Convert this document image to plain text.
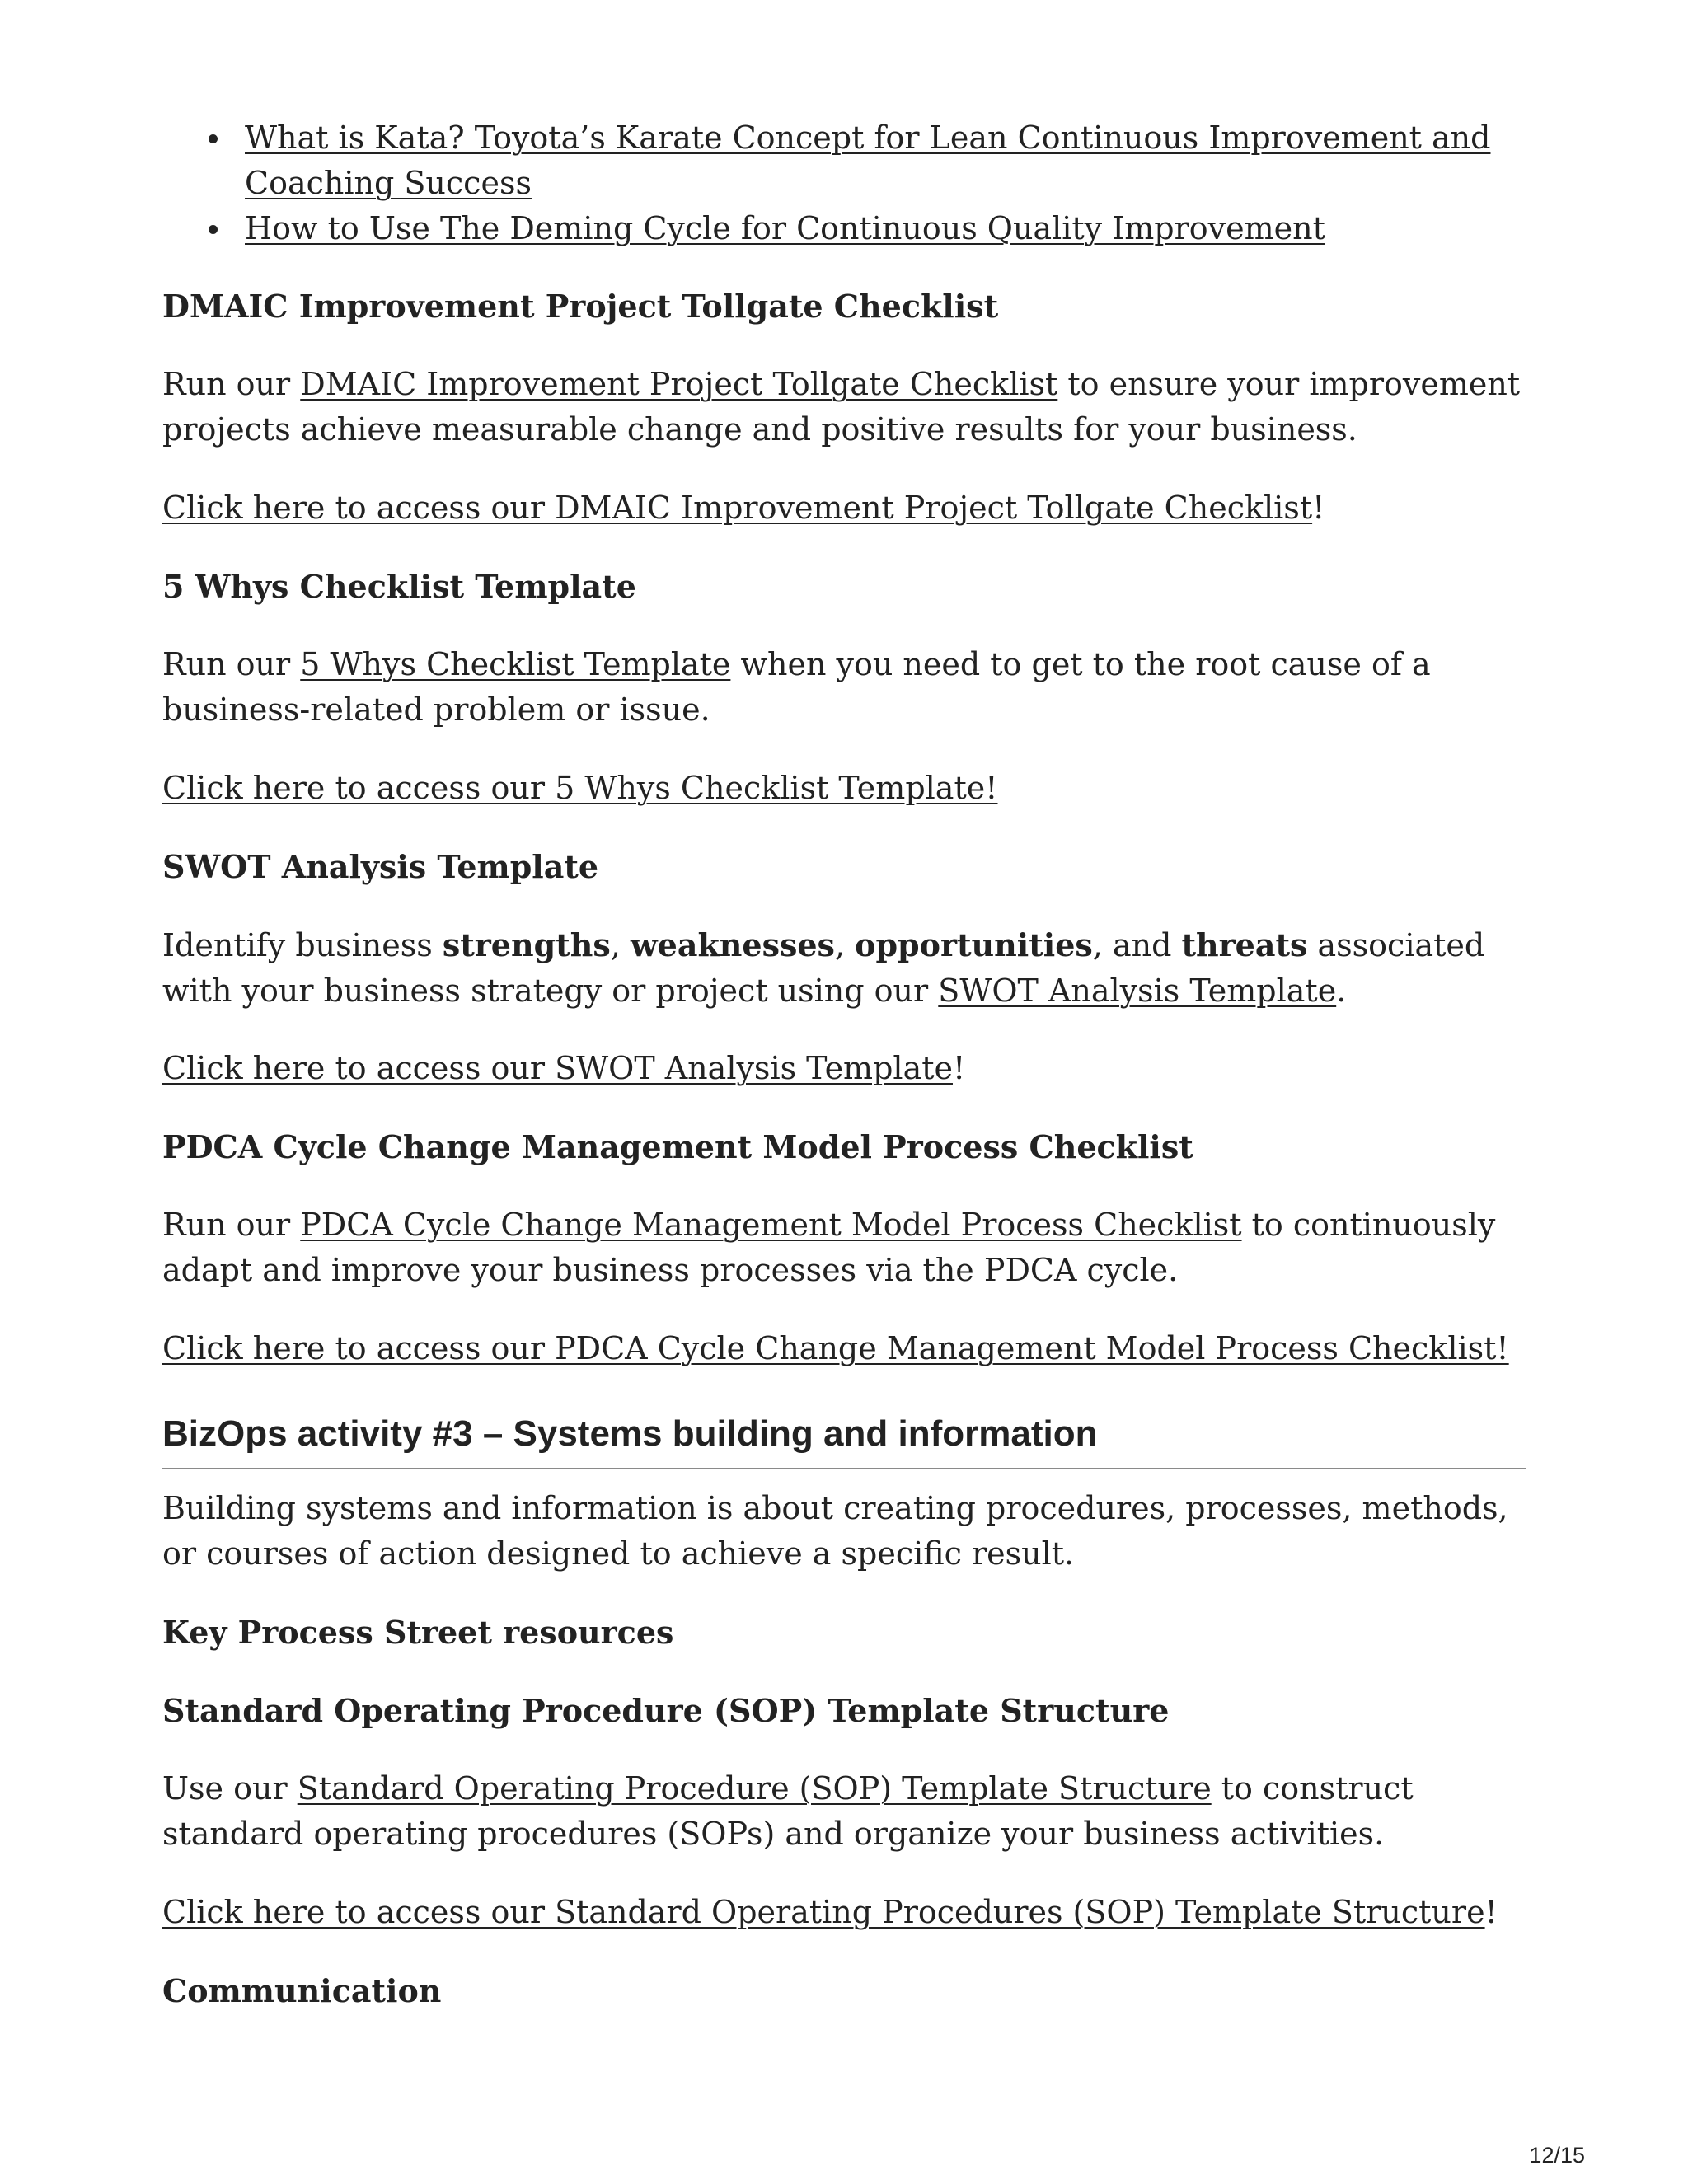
What is Kata? Toyota’s Karate Concept for Lean Continuous Improvement and Coaching Success
How to Use The Deming Cycle for Continuous Quality Improvement

DMAIC Improvement Project Tollgate Checklist

Run our DMAIC Improvement Project Tollgate Checklist to ensure your improvement projects achieve measurable change and positive results for your business.

Click here to access our DMAIC Improvement Project Tollgate Checklist!

5 Whys Checklist Template

Run our 5 Whys Checklist Template when you need to get to the root cause of a business-related problem or issue.

Click here to access our 5 Whys Checklist Template!

SWOT Analysis Template

Identify business strengths, weaknesses, opportunities, and threats associated with your business strategy or project using our SWOT Analysis Template.

Click here to access our SWOT Analysis Template!

PDCA Cycle Change Management Model Process Checklist

Run our PDCA Cycle Change Management Model Process Checklist to continuously adapt and improve your business processes via the PDCA cycle.

Click here to access our PDCA Cycle Change Management Model Process Checklist!

BizOps activity #3 – Systems building and information

Building systems and information is about creating procedures, processes, methods, or courses of action designed to achieve a specific result.

Key Process Street resources

Standard Operating Procedure (SOP) Template Structure

Use our Standard Operating Procedure (SOP) Template Structure to construct standard operating procedures (SOPs) and organize your business activities.

Click here to access our Standard Operating Procedures (SOP) Template Structure!

Communication

12/15
